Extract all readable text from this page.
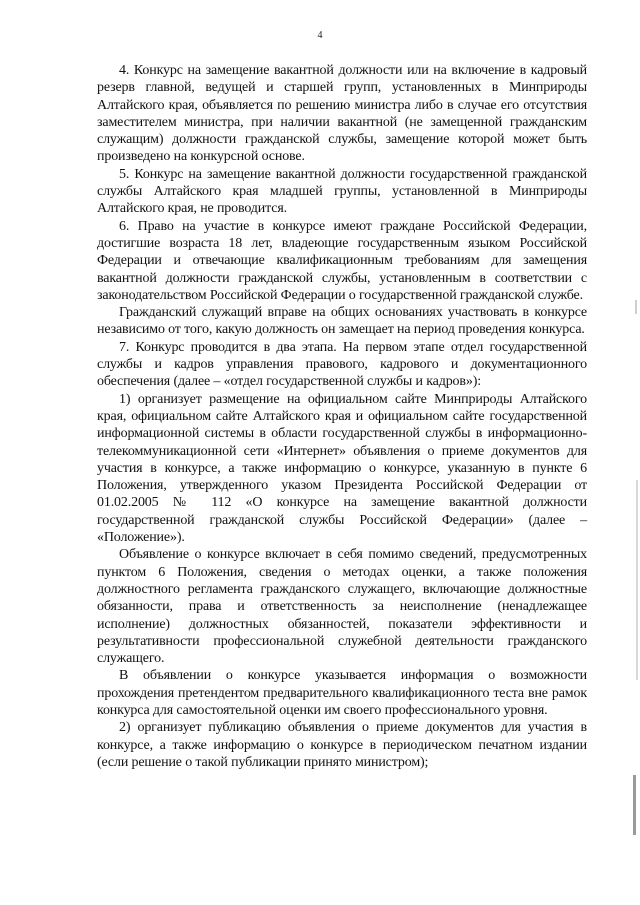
4

4. Конкурс на замещение вакантной должности или на включение в кадровый резерв главной, ведущей и старшей групп, установленных в Минприроды Алтайского края, объявляется по решению министра либо в случае его отсутствия заместителем министра, при наличии вакантной (не замещенной гражданским служащим) должности гражданской службы, замещение которой может быть произведено на конкурсной основе.

5. Конкурс на замещение вакантной должности государственной гражданской службы Алтайского края младшей группы, установленной в Минприроды Алтайского края, не проводится.

6. Право на участие в конкурсе имеют граждане Российской Федерации, достигшие возраста 18 лет, владеющие государственным языком Российской Федерации и отвечающие квалификационным требованиям для замещения вакантной должности гражданской службы, установленным в соответствии с законодательством Российской Федерации о государственной гражданской службе.

Гражданский служащий вправе на общих основаниях участвовать в конкурсе независимо от того, какую должность он замещает на период проведения конкурса.

7. Конкурс проводится в два этапа. На первом этапе отдел государственной службы и кадров управления правового, кадрового и документационного обеспечения (далее – «отдел государственной службы и кадров»):

1) организует размещение на официальном сайте Минприроды Алтайского края, официальном сайте Алтайского края и официальном сайте государственной информационной системы в области государственной службы в информационно-телекоммуникационной сети «Интернет» объявления о приеме документов для участия в конкурсе, а также информацию о конкурсе, указанную в пункте 6 Положения, утвержденного указом Президента Российской Федерации от 01.02.2005 № 112 «О конкурсе на замещение вакантной должности государственной гражданской службы Российской Федерации» (далее – «Положение»).

Объявление о конкурсе включает в себя помимо сведений, предусмотренных пунктом 6 Положения, сведения о методах оценки, а также положения должностного регламента гражданского служащего, включающие должностные обязанности, права и ответственность за неисполнение (ненадлежащее исполнение) должностных обязанностей, показатели эффективности и результативности профессиональной служебной деятельности гражданского служащего.

В объявлении о конкурсе указывается информация о возможности прохождения претендентом предварительного квалификационного теста вне рамок конкурса для самостоятельной оценки им своего профессионального уровня.

2) организует публикацию объявления о приеме документов для участия в конкурсе, а также информацию о конкурсе в периодическом печатном издании (если решение о такой публикации принято министром);
